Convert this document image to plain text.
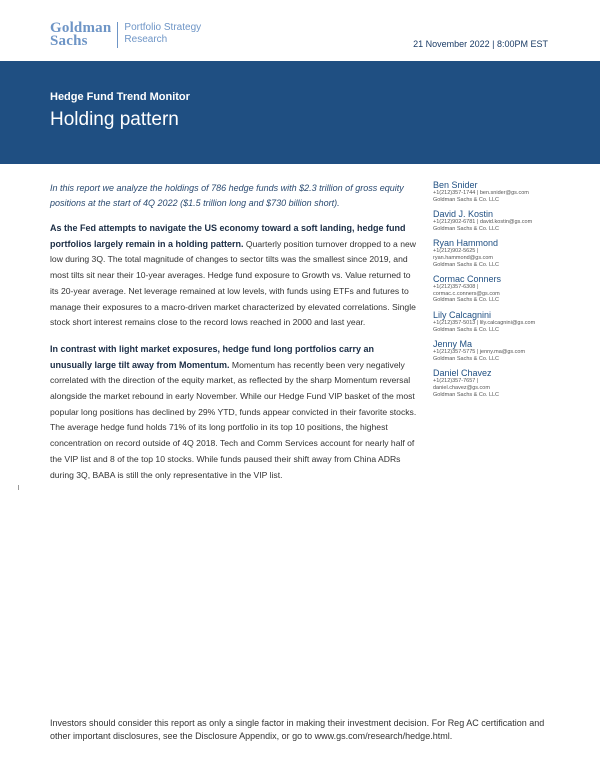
Goldman
Sachs
Portfolio Strategy
Research	21 November 2022 | 8:00PM EST
Hedge Fund Trend Monitor
Holding pattern

In this report we analyze the holdings of 786 hedge funds with $2.3 trillion of gross equity positions at the start of 4Q 2022 ($1.5 trillion long and $730 billion short).

As the Fed attempts to navigate the US economy toward a soft landing, hedge fund portfolios largely remain in a holding pattern. Quarterly position turnover dropped to a new low during 3Q. The total magnitude of changes to sector tilts was the smallest since 2019, and most tilts sit near their 10-year averages. Hedge fund exposure to Growth vs. Value returned to its 20-year average. Net leverage remained at low levels, with funds using ETFs and futures to manage their exposures to a macro-driven market characterized by elevated correlations. Single stock short interest remains close to the record lows reached in 2000 and last year.

In contrast with light market exposures, hedge fund long portfolios carry an unusually large tilt away from Momentum. Momentum has recently been very negatively correlated with the direction of the equity market, as reflected by the sharp Momentum reversal alongside the market rebound in early November. While our Hedge Fund VIP basket of the most popular long positions has declined by 29% YTD, funds appear convicted in their favorite stocks. The average hedge fund holds 71% of its long portfolio in its top 10 positions, the highest concentration on record outside of 4Q 2018. Tech and Comm Services account for nearly half of the VIP list and 8 of the top 10 stocks. While funds paused their shift away from China ADRs during 3Q, BABA is still the only representative in the VIP list.

Ben Snider
+1(212)357-1744 | ben.snider@gs.com
Goldman Sachs & Co. LLC
David J. Kostin
+1(212)902-6781 | david.kostin@gs.com
Goldman Sachs & Co. LLC
Ryan Hammond
+1(212)902-5625 |
ryan.hammond@gs.com
Goldman Sachs & Co. LLC
Cormac Conners
+1(212)357-6308 |
cormac.c.conners@gs.com
Goldman Sachs & Co. LLC
Lily Calcagnini
+1(212)357-5013 | lily.calcagnini@gs.com
Goldman Sachs & Co. LLC
Jenny Ma
+1(212)357-5775 | jenny.ma@gs.com
Goldman Sachs & Co. LLC
Daniel Chavez
+1(212)357-7657 |
daniel.chavez@gs.com
Goldman Sachs & Co. LLC
Investors should consider this report as only a single factor in making their investment decision. For Reg AC certification and other important disclosures, see the Disclosure Appendix, or go to www.gs.com/research/hedge.html.
